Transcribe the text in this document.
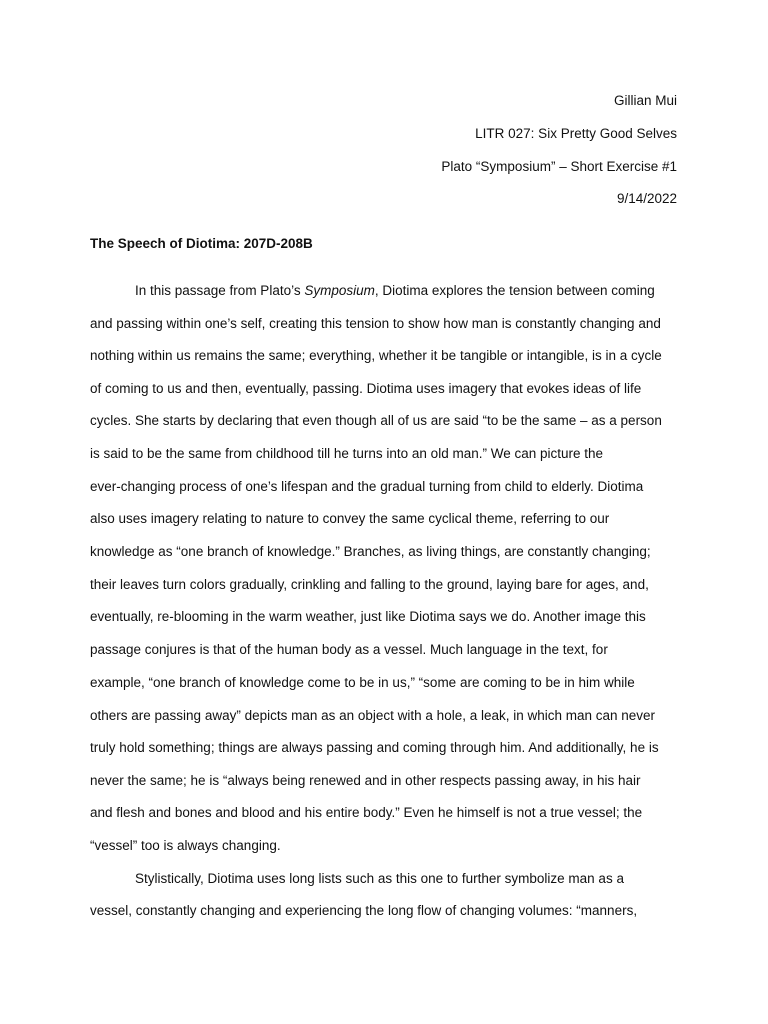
Gillian Mui
LITR 027: Six Pretty Good Selves
Plato “Symposium” – Short Exercise #1
9/14/2022
The Speech of Diotima: 207D-208B
In this passage from Plato’s Symposium, Diotima explores the tension between coming
and passing within one’s self, creating this tension to show how man is constantly changing and
nothing within us remains the same; everything, whether it be tangible or intangible, is in a cycle
of coming to us and then, eventually, passing. Diotima uses imagery that evokes ideas of life
cycles. She starts by declaring that even though all of us are said “to be the same – as a person
is said to be the same from childhood till he turns into an old man.” We can picture the
ever-changing process of one’s lifespan and the gradual turning from child to elderly. Diotima
also uses imagery relating to nature to convey the same cyclical theme, referring to our
knowledge as “one branch of knowledge.” Branches, as living things, are constantly changing;
their leaves turn colors gradually, crinkling and falling to the ground, laying bare for ages, and,
eventually, re-blooming in the warm weather, just like Diotima says we do. Another image this
passage conjures is that of the human body as a vessel. Much language in the text, for
example, “one branch of knowledge come to be in us,” “some are coming to be in him while
others are passing away” depicts man as an object with a hole, a leak, in which man can never
truly hold something; things are always passing and coming through him. And additionally, he is
never the same; he is “always being renewed and in other respects passing away, in his hair
and flesh and bones and blood and his entire body.” Even he himself is not a true vessel; the
“vessel” too is always changing.
Stylistically, Diotima uses long lists such as this one to further symbolize man as a
vessel, constantly changing and experiencing the long flow of changing volumes: “manners,
